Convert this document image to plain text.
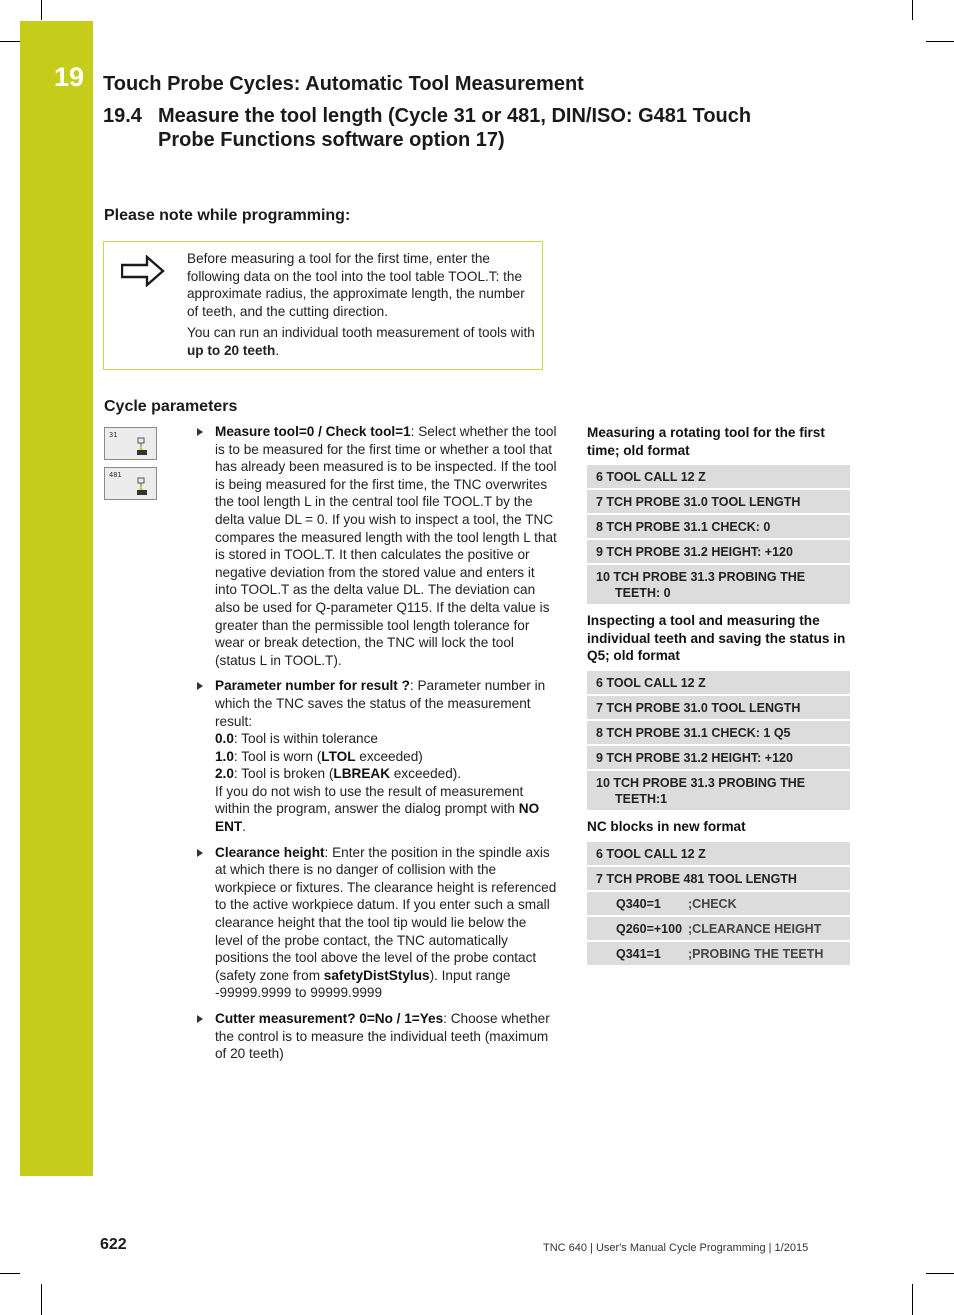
19 Touch Probe Cycles: Automatic Tool Measurement
19.4 Measure the tool length (Cycle 31 or 481, DIN/ISO: G481 Touch Probe Functions software option 17)
Please note while programming:

Before measuring a tool for the first time, enter the following data on the tool into the tool table TOOL.T: the approximate radius, the approximate length, the number of teeth, and the cutting direction.

You can run an individual tooth measurement of tools with up to 20 teeth.

Cycle parameters
31
481
Measure tool=0 / Check tool=1: Select whether the tool is to be measured for the first time or whether a tool that has already been measured is to be inspected. If the tool is being measured for the first time, the TNC overwrites the tool length L in the central tool file TOOL.T by the delta value DL = 0. If you wish to inspect a tool, the TNC compares the measured length with the tool length L that is stored in TOOL.T. It then calculates the positive or negative deviation from the stored value and enters it into TOOL.T as the delta value DL. The deviation can also be used for Q-parameter Q115. If the delta value is greater than the permissible tool length tolerance for wear or break detection, the TNC will lock the tool (status L in TOOL.T).
Parameter number for result ?: Parameter number in which the TNC saves the status of the measurement result:
0.0: Tool is within tolerance
1.0: Tool is worn (LTOL exceeded)
2.0: Tool is broken (LBREAK exceeded).
If you do not wish to use the result of measurement within the program, answer the dialog prompt with NO ENT.
Clearance height: Enter the position in the spindle axis at which there is no danger of collision with the workpiece or fixtures. The clearance height is referenced to the active workpiece datum. If you enter such a small clearance height that the tool tip would lie below the level of the probe contact, the TNC automatically positions the tool above the level of the probe contact (safety zone from safetyDistStylus). Input range -99999.9999 to 99999.9999
Cutter measurement? 0=No / 1=Yes: Choose whether the control is to measure the individual teeth (maximum of 20 teeth)
Measuring a rotating tool for the first time; old format
6 TOOL CALL 12 Z
7 TCH PROBE 31.0 TOOL LENGTH
8 TCH PROBE 31.1 CHECK: 0
9 TCH PROBE 31.2 HEIGHT: +120
10 TCH PROBE 31.3 PROBING THE
TEETH: 0
Inspecting a tool and measuring the individual teeth and saving the status in Q5; old format
6 TOOL CALL 12 Z
7 TCH PROBE 31.0 TOOL LENGTH
8 TCH PROBE 31.1 CHECK: 1 Q5
9 TCH PROBE 31.2 HEIGHT: +120
10 TCH PROBE 31.3 PROBING THE
TEETH:1
NC blocks in new format
6 TOOL CALL 12 Z
7 TCH PROBE 481 TOOL LENGTH
Q340=1 ;CHECK
Q260=+100 ;CLEARANCE HEIGHT
Q341=1 ;PROBING THE TEETH
622	TNC 640 | User's Manual Cycle Programming | 1/2015
